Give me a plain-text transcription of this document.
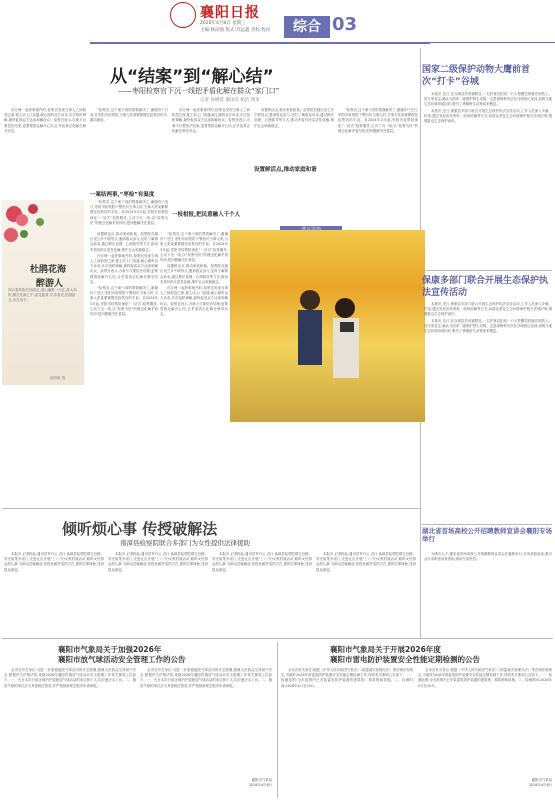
襄阳日报
2026年4月8日 星期三
主编:杨添强 版式:苏远鑫 责校:程岸	综合 03
从“结案”到“解心结”
——枣阳检察官下沉一线把矛盾化解在群众“家门口”
记者 孙锦延 通讯员 杨洁 周来

“检察官,这个案子真的帮我解决了,谢谢你!”日前,在枣阳市检察院,当事人张某紧紧握住检察官的手,激动地说。

一案结两事,“枣检”有温度

“检察官,这个案子真的帮我解决了,谢谢你!”近日,枣阳市检察院干警回访当事人时,当事人张某紧紧握住检察官的手说。自2024年3月起,枣阳市检察院深化“一站式”检察服务,主动下沉一线,以“检察为民”的理念化解矛盾纠纷,把问题解决在基层。

在办理一起民事案件时,检察官发现当事人之间积怨已深,便主动上门沟通,耐心倾听双方诉求,多次组织调解,最终促成双方达成和解协议。检察官表示,办案不仅要依法结案,更要帮群众解开心结,让矛盾真正化解在萌芽状态。

一枝柑报,把民意融入千个人

设置鲜活点,推动家庭和谐。检察院在辖区设立多个联络点,邀请群众参与,及时了解群众诉求,通过释法说理、心理疏导等方式,推动矛盾纠纷实质性化解,维护社会和谐稳定。

设置鲜活点,推动家庭和谐

“检察官,这个案子真的帮我解决了,谢谢你!”近日,枣阳市检察院干警回访当事人时,当事人张某紧紧握住检察官的手说。自2024年3月起,枣阳市检察院深化“一站式”检察服务,主动下沉一线,以“检察为民”的理念化解矛盾纠纷,把问题解决在基层。

在办理一起民事案件时,检察官发现当事人之间积怨已深,便主动上门沟通,耐心倾听双方诉求,多次组织调解,最终促成双方达成和解协议。检察官表示,办案不仅要依法结案,更要帮群众解开心结,让矛盾真正化解在萌芽状态。

杜鹃花海
醉游人
四月春风吹开杜鹃花,漫山遍野一片红,游人如织,醉在花海之中,赏花踏青,尽享春光,拍照留念,乐在其中。
欧阳敏 摄

设置鲜活点,推动家庭和谐。检察院在辖区设立多个联络点,邀请群众参与,及时了解群众诉求,通过释法说理、心理疏导等方式,推动矛盾纠纷实质性化解,维护社会和谐稳定。

在办理一起民事案件时,检察官发现当事人之间积怨已深,便主动上门沟通,耐心倾听双方诉求,多次组织调解,最终促成双方达成和解协议。检察官表示,办案不仅要依法结案,更要帮群众解开心结,让矛盾真正化解在萌芽状态。

“检察官,这个案子真的帮我解决了,谢谢你!”近日,枣阳市检察院干警回访当事人时,当事人张某紧紧握住检察官的手说。自2024年3月起,枣阳市检察院深化“一站式”检察服务,主动下沉一线,以“检察为民”的理念化解矛盾纠纷,把问题解决在基层。

“检察官,这个案子真的帮我解决了,谢谢你!”近日,枣阳市检察院干警回访当事人时,当事人张某紧紧握住检察官的手说。自2024年3月起,枣阳市检察院深化“一站式”检察服务,主动下沉一线,以“检察为民”的理念化解矛盾纠纷,把问题解决在基层。

设置鲜活点,推动家庭和谐。检察院在辖区设立多个联络点,邀请群众参与,及时了解群众诉求,通过释法说理、心理疏导等方式,推动矛盾纠纷实质性化解,维护社会和谐稳定。

在办理一起民事案件时,检察官发现当事人之间积怨已深,便主动上门沟通,耐心倾听双方诉求,多次组织调解,最终促成双方达成和解协议。检察官表示,办案不仅要依法结案,更要帮群众解开心结,让矛盾真正化解在萌芽状态。

国家二级保护动物大鹰前首次“打卡”谷城

本报讯 近日,在谷城县茨河镇附近,一名护林员拍到一只大型鹰类停落在树枝上。经专家鉴定,确认为国家二级保护野生动物。这是该物种首次在谷城被记录到,表明当地生态环境持续向好,吸引了珍稀野生动物前来栖息。

本报讯 近日,保康县多部门联合开展生态保护执法宣传活动,工作人员深入乡镇、村组,通过发放宣传资料、现场讲解等方式,向群众普及生态环境保护相关法律法规,增强群众生态保护意识。

保康多部门联合开展生态保护执法宣传活动

本报讯 近日,保康县多部门联合开展生态保护执法宣传活动,工作人员深入乡镇、村组,通过发放宣传资料、现场讲解等方式,向群众普及生态环境保护相关法律法规,增强群众生态保护意识。

本报讯 近日,在谷城县茨河镇附近,一名护林员拍到一只大型鹰类停落在树枝上。经专家鉴定,确认为国家二级保护野生动物。这是该物种首次在谷城被记录到,表明当地生态环境持续向好,吸引了珍稀野生动物前来栖息。

湖北省首场高校公开招聘教师宣讲会襄阳专场举行

为吸引人才,湖北省首场高校公开招聘教师宣讲会在襄阳举行,多所高校参加,吸引众多求职者前来咨询,现场气氛热烈。

倾听烦心事 传授破解法
南漳县检察院联合多部门为女性提供法律援助

本报讯 记者程远 通讯员李巧云 近日,南漳县检察院联合妇联、司法局等多部门,走进社区开展“三八”妇女维权周活动,倾听女性群众烦心事,为群众答疑解惑,传授化解矛盾的方法,提供法律援助,受到群众欢迎。

本报讯 记者程远 通讯员李巧云 近日,南漳县检察院联合妇联、司法局等多部门,走进社区开展“三八”妇女维权周活动,倾听女性群众烦心事,为群众答疑解惑,传授化解矛盾的方法,提供法律援助,受到群众欢迎。

本报讯 记者程远 通讯员李巧云 近日,南漳县检察院联合妇联、司法局等多部门,走进社区开展“三八”妇女维权周活动,倾听女性群众烦心事,为群众答疑解惑,传授化解矛盾的方法,提供法律援助,受到群众欢迎。

本报讯 记者程远 通讯员李巧云 近日,南漳县检察院联合妇联、司法局等多部门,走进社区开展“三八”妇女维权周活动,倾听女性群众烦心事,为群众答疑解惑,传授化解矛盾的方法,提供法律援助,受到群众欢迎。

襄阳市气象局关于加强2026年
襄阳市放气球活动安全管理工作的公告

全市各有关单位:为进一步加强施放气球活动的安全管理,保障人民群众生命财产安全,根据有关法律法规,现就2026年襄阳市施放气球活动安全管理工作有关事项公告如下。一、凡在本市行政区域内开展施放气球活动的单位和个人,均应遵守本公告。二、施放气球的单位应当具备相应资质,并严格按照规定程序申请审批。

全市各有关单位:为进一步加强施放气球活动的安全管理,保障人民群众生命财产安全,根据有关法律法规,现就2026年襄阳市施放气球活动安全管理工作有关事项公告如下。一、凡在本市行政区域内开展施放气球活动的单位和个人,均应遵守本公告。二、施放气球的单位应当具备相应资质,并严格按照规定程序申请审批。

襄阳市气象局
2026年4月8日
襄阳市气象局关于开展2026年度
襄阳市雷电防护装置安全性能定期检测的公告

全市各有关单位:根据《中华人民共和国气象法》《防雷减灾管理办法》等法律法规规定,为做好2026年度雷电防护装置安全性能定期检测工作,现将有关事项公告如下。一、检测范围:全市范围内已安装雷电防护装置的建筑物、构筑物和设施。二、检测时间:2026年4月至10月。

全市各有关单位:根据《中华人民共和国气象法》《防雷减灾管理办法》等法律法规规定,为做好2026年度雷电防护装置安全性能定期检测工作,现将有关事项公告如下。一、检测范围:全市范围内已安装雷电防护装置的建筑物、构筑物和设施。二、检测时间:2026年4月至10月。

襄阳市气象局
2026年4月8日
